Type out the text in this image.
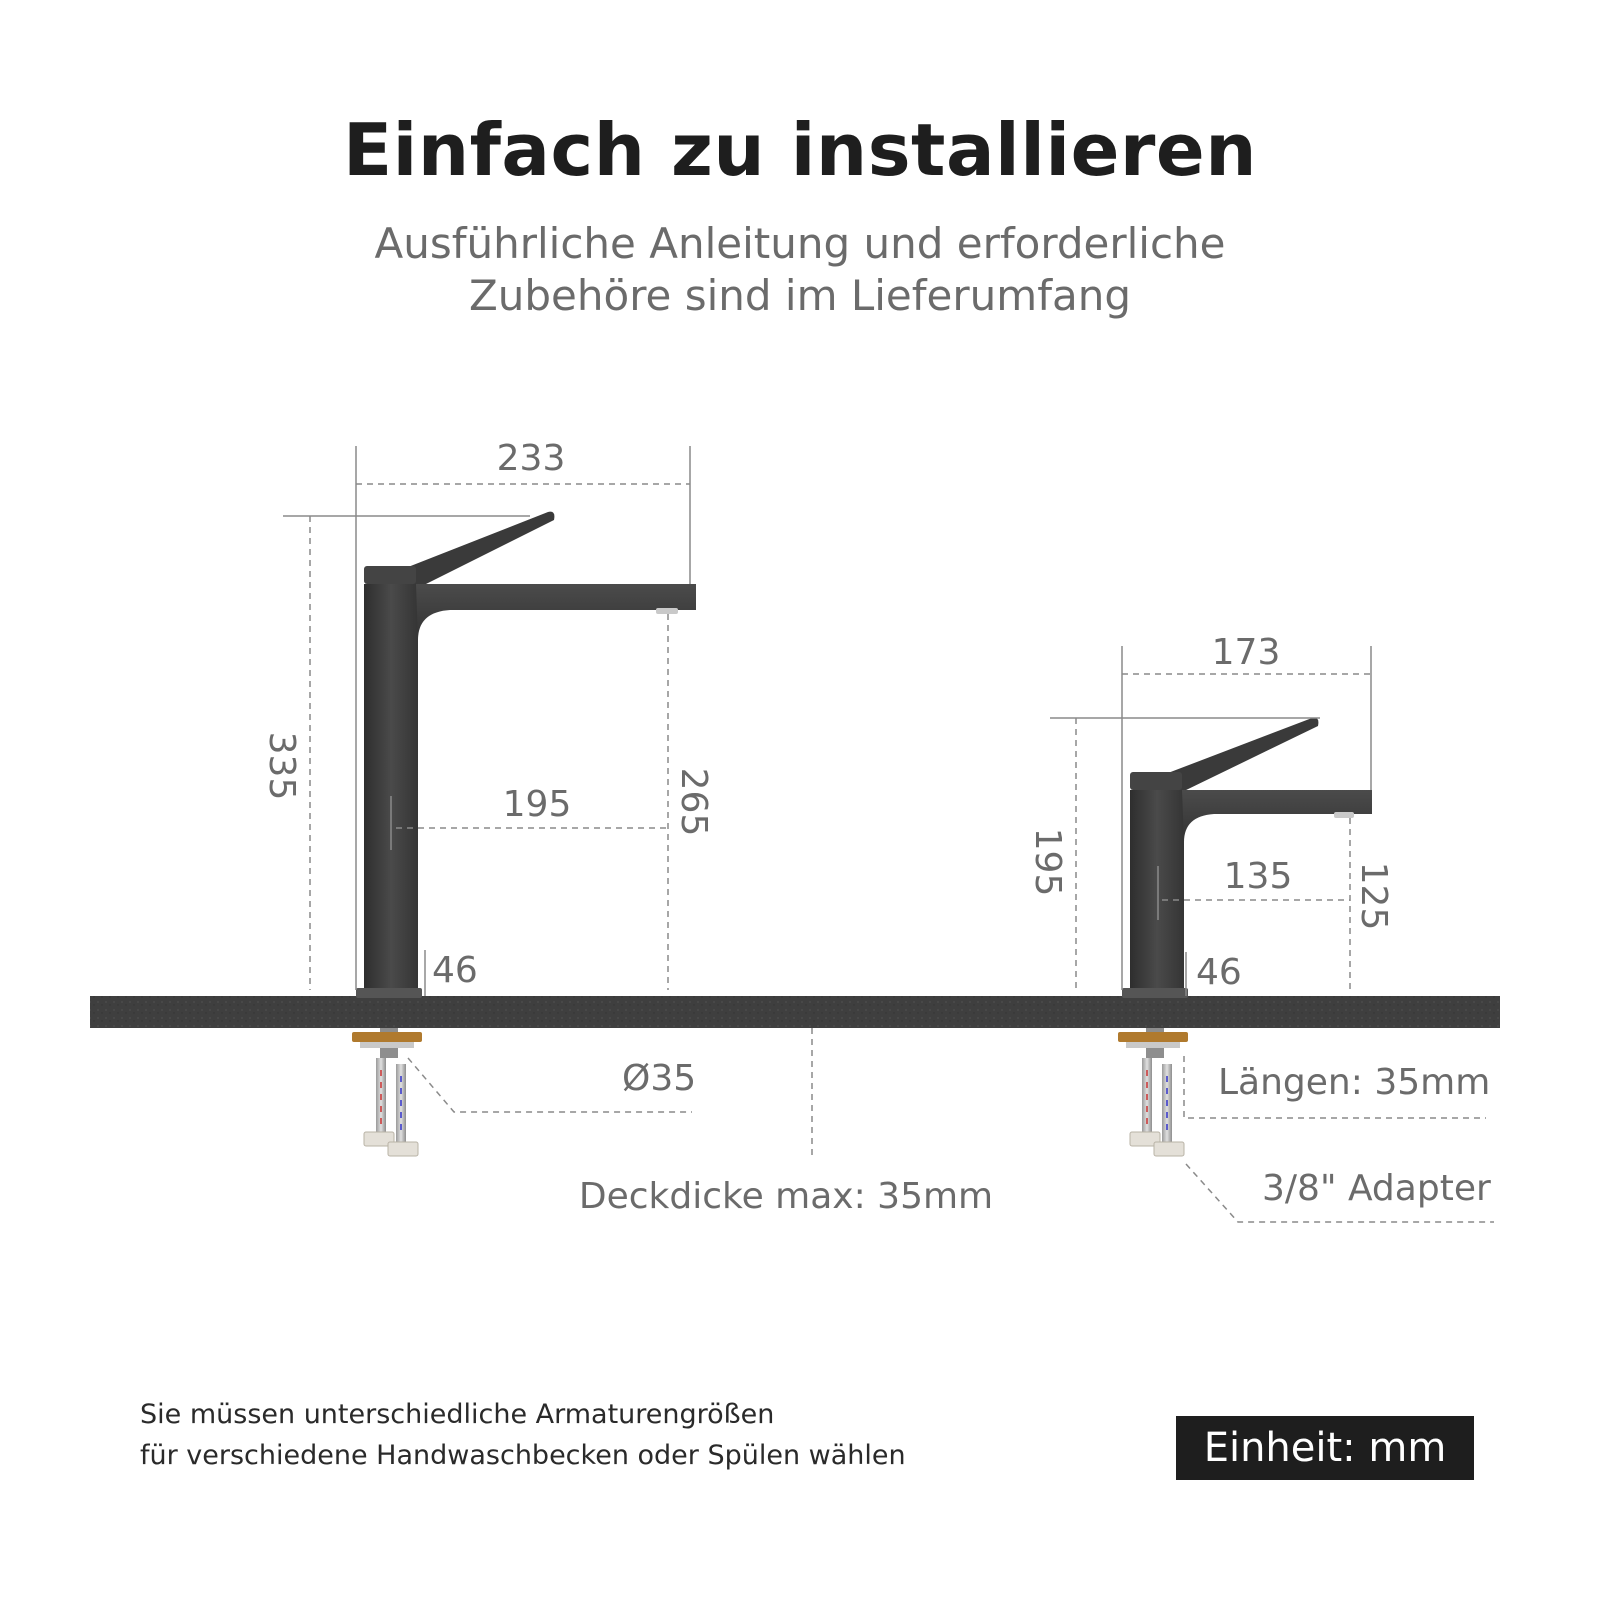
Einfach zu installieren
Ausführliche Anleitung und erforderliche
Zubehöre sind im Lieferumfang
233
335
195	265
46
Ø35
173
195	135 125
46
Längen: 35mm
3/8" Adapter
Deckdicke max: 35mm
Sie müssen unterschiedliche Armaturengrößen
für verschiedene Handwaschbecken oder Spülen wählen	Einheit: mm
